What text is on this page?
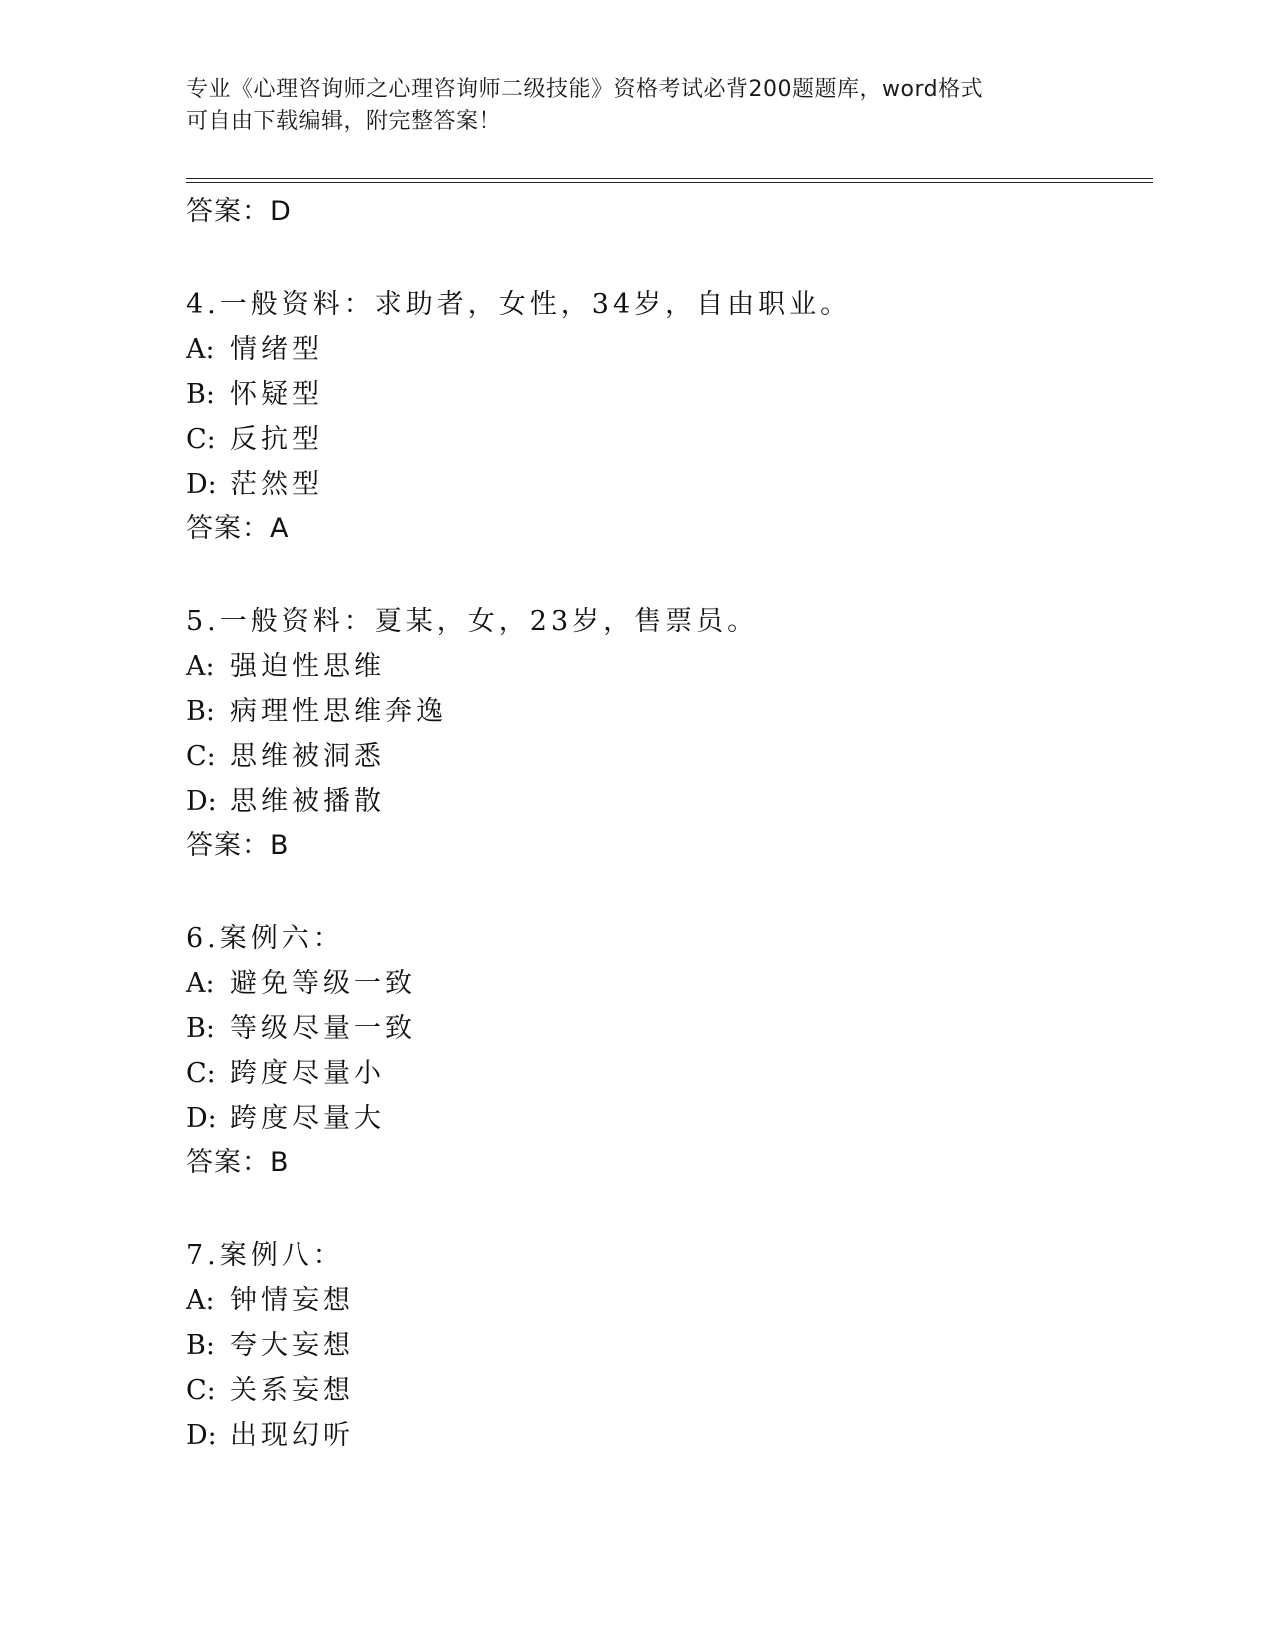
专业《心理咨询师之心理咨询师二级技能》资格考试必背200题题库，word格式
可自由下载编辑，附完整答案！
答案：D
4.一般资料：求助者，女性，34岁，自由职业。
A: 情绪型
B: 怀疑型
C: 反抗型
D: 茫然型
答案：A
5.一般资料：夏某，女，23岁，售票员。
A: 强迫性思维
B: 病理性思维奔逸
C: 思维被洞悉
D: 思维被播散
答案：B
6.案例六：
A: 避免等级一致
B: 等级尽量一致
C: 跨度尽量小
D: 跨度尽量大
答案：B
7.案例八：
A: 钟情妄想
B: 夸大妄想
C: 关系妄想
D: 出现幻听
